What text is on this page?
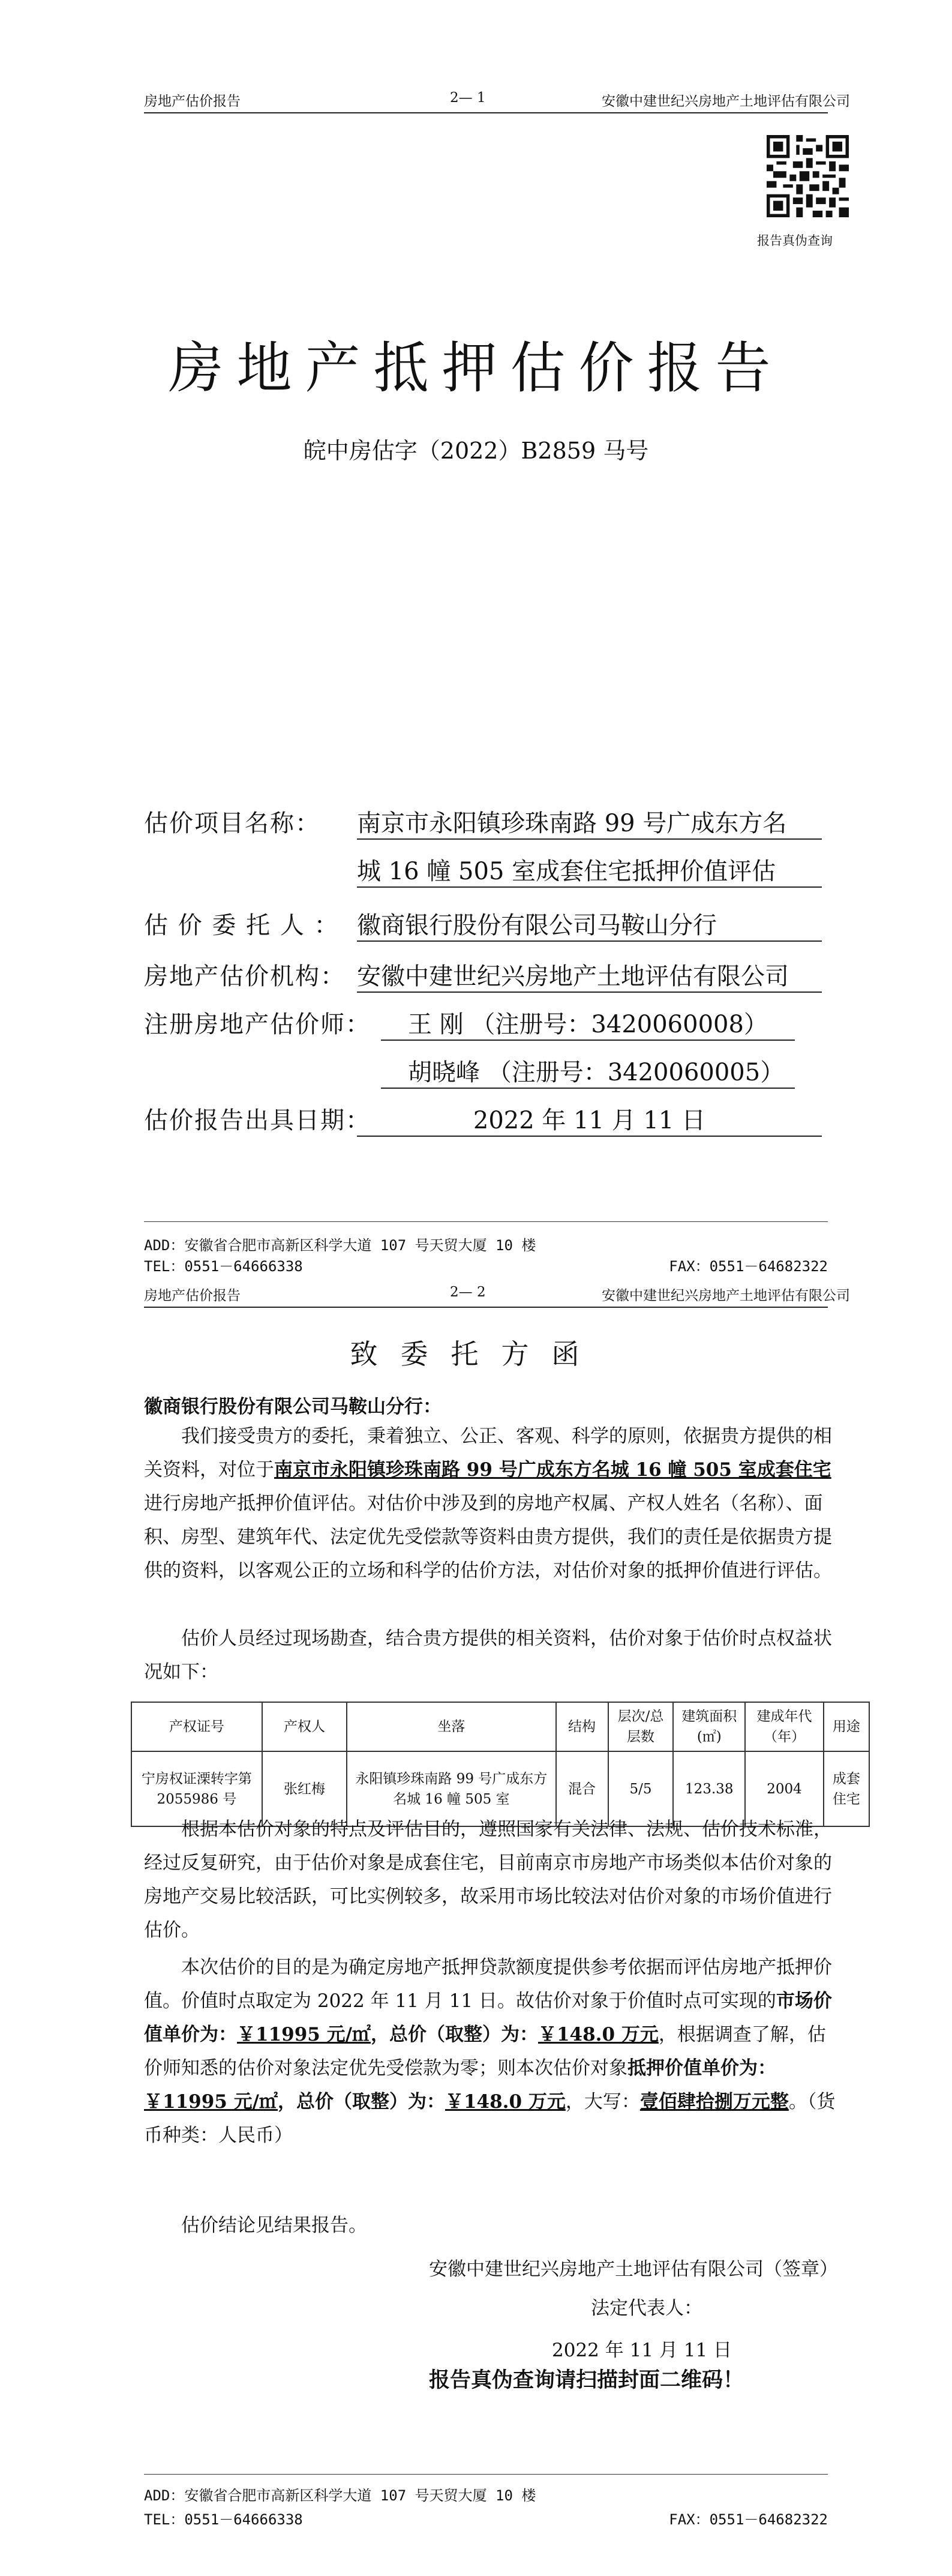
房地产估价报告	2— 1	安徽中建世纪兴房地产土地评估有限公司
报告真伪查询
房地产抵押估价报告
皖中房估字（2022）B2859 马号
估价项目名称： 南京市永阳镇珍珠南路 99 号广成东方名
城 16 幢 505 室成套住宅抵押价值评估
估 价 委 托 人 ： 徽商银行股份有限公司马鞍山分行
房地产估价机构： 安徽中建世纪兴房地产土地评估有限公司
注册房地产估价师： 王 刚 （注册号：3420060008）
胡晓峰 （注册号：3420060005）
估价报告出具日期：	2022 年 11 月 11 日
ADD：安徽省合肥市高新区科学大道 107 号天贸大厦 10 楼
TEL：0551－64666338	FAX：0551－64682322
房地产估价报告	2— 2	安徽中建世纪兴房地产土地评估有限公司
致委托方函
徽商银行股份有限公司马鞍山分行：
我们接受贵方的委托，秉着独立、公正、客观、科学的原则，依据贵方提供的相关资料，对位于南京市永阳镇珍珠南路 99 号广成东方名城 16 幢 505 室成套住宅进行房地产抵押价值评估。对估价中涉及到的房地产权属、产权人姓名（名称）、面积、房型、建筑年代、法定优先受偿款等资料由贵方提供，我们的责任是依据贵方提供的资料，以客观公正的立场和科学的估价方法，对估价对象的抵押价值进行评估。
估价人员经过现场勘查，结合贵方提供的相关资料，估价对象于估价时点权益状况如下：
产权证号	产权人	坐落	结构	层次/总层数	建筑面积(㎡)	建成年代（年）	用途
宁房权证溧转字第 2055986 号	张红梅	永阳镇珍珠南路 99 号广成东方名城 16 幢 505 室	混合	5/5	123.38	2004	成套住宅
根据本估价对象的特点及评估目的，遵照国家有关法律、法规、估价技术标准，经过反复研究，由于估价对象是成套住宅，目前南京市房地产市场类似本估价对象的房地产交易比较活跃，可比实例较多，故采用市场比较法对估价对象的市场价值进行估价。
本次估价的目的是为确定房地产抵押贷款额度提供参考依据而评估房地产抵押价值。价值时点取定为 2022 年 11 月 11 日。故估价对象于价值时点可实现的市场价值单价为：￥11995 元/㎡，总价（取整）为：￥148.0 万元，根据调查了解，估价师知悉的估价对象法定优先受偿款为零；则本次估价对象抵押价值单价为：￥11995 元/㎡，总价（取整）为：￥148.0 万元，大写：壹佰肆拾捌万元整。（货币种类：人民币）
估价结论见结果报告。
安徽中建世纪兴房地产土地评估有限公司（签章）
法定代表人：
2022 年 11 月 11 日
报告真伪查询请扫描封面二维码！
ADD：安徽省合肥市高新区科学大道 107 号天贸大厦 10 楼
TEL：0551－64666338	FAX：0551－64682322
